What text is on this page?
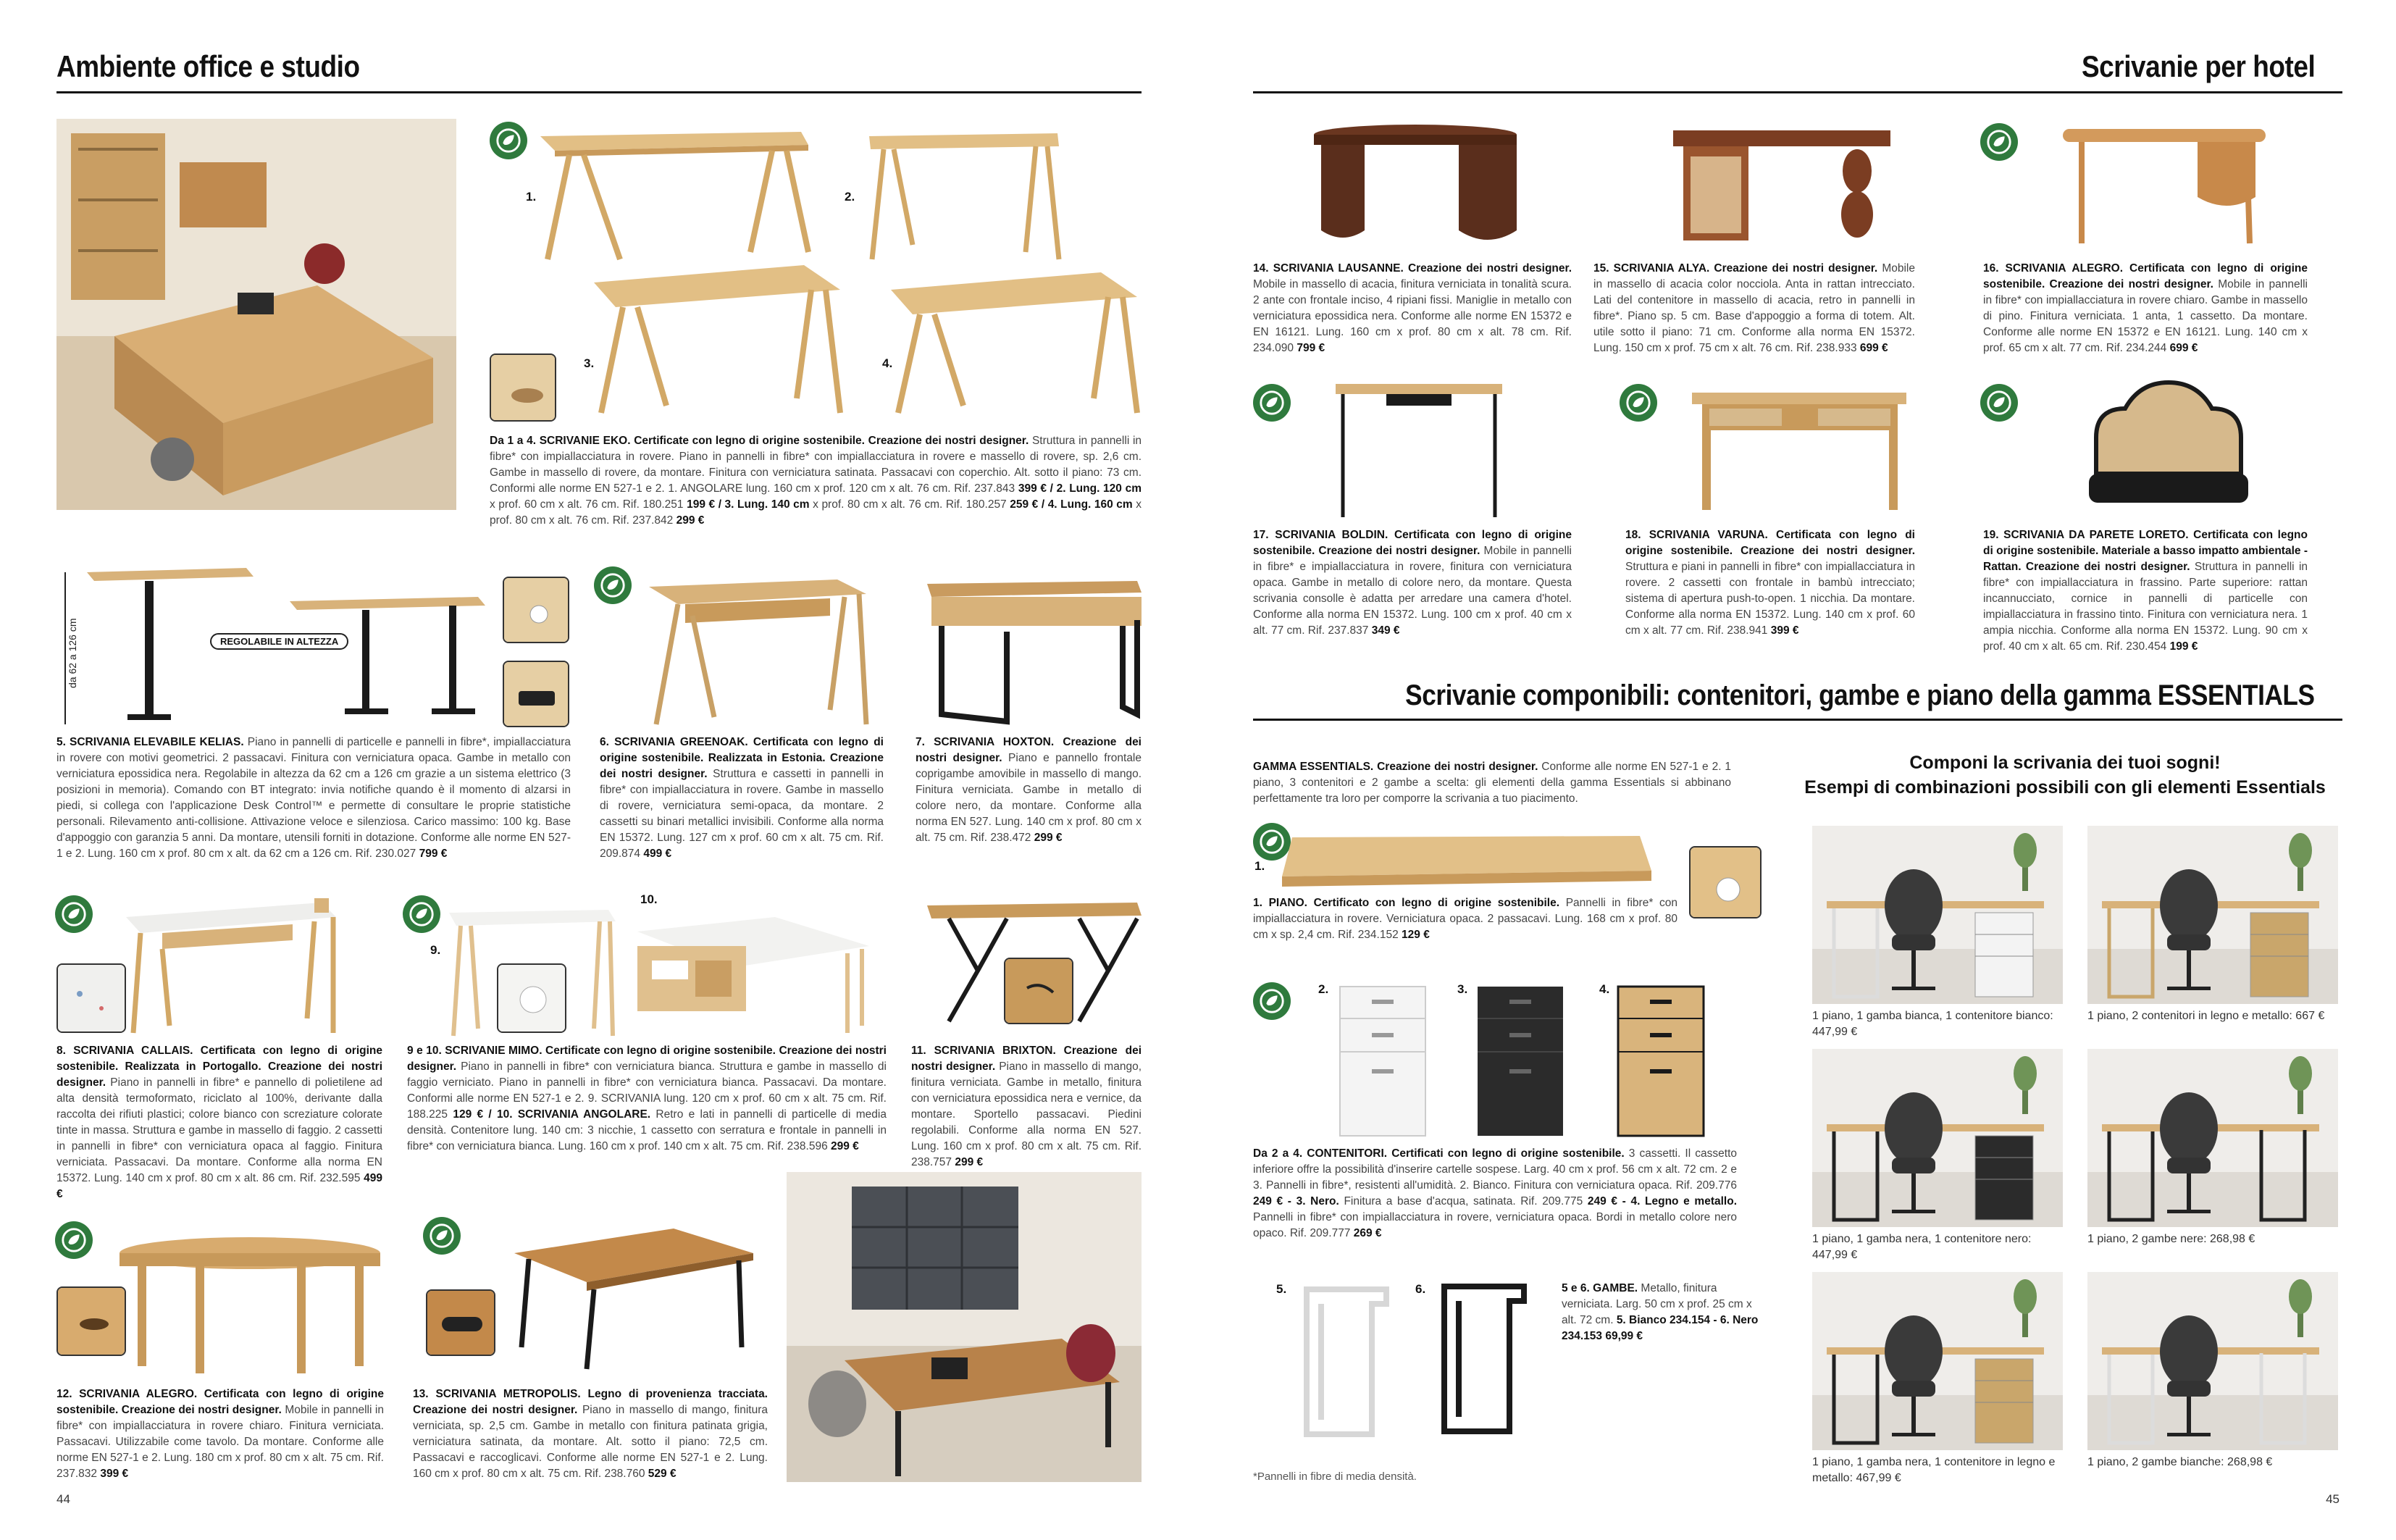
Ambiente office e studio
1.	2.
3.	4.
Da 1 a 4. SCRIVANIE EKO. Certificate con legno di origine sostenibile. Creazione dei nostri designer. Struttura in pannelli in fibre* con impiallacciatura in rovere. Piano in pannelli in fibre* con impiallacciatura in rovere e massello di rovere, sp. 2,6 cm. Gambe in massello di rovere, da montare. Finitura con verniciatura satinata. Passacavi con coperchio. Alt. sotto il piano: 73 cm. Conformi alle norme EN 527-1 e 2. 1. ANGOLARE lung. 160 cm x prof. 120 cm x alt. 76 cm. Rif. 237.843 399 € / 2. Lung. 120 cm x prof. 60 cm x alt. 76 cm. Rif. 180.251 199 € / 3. Lung. 140 cm x prof. 80 cm x alt. 76 cm. Rif. 180.257 259 € / 4. Lung. 160 cm x prof. 80 cm x alt. 76 cm. Rif. 237.842 299 €
da 62 a 126 cm	REGOLABILE IN ALTEZZA
5. SCRIVANIA ELEVABILE KELIAS. Piano in pannelli di particelle e pannelli in fibre*, impiallacciatura in rovere con motivi geometrici. 2 passacavi. Finitura con verniciatura opaca. Gambe in metallo con verniciatura epossidica nera. Regolabile in altezza da 62 cm a 126 cm grazie a un sistema elettrico (3 posizioni in memoria). Comando con BT integrato: invia notifiche quando è il momento di alzarsi in piedi, si collega con l'applicazione Desk Control™ e permette di consultare le proprie statistiche personali. Rilevamento anti-collisione. Attivazione veloce e silenziosa. Carico massimo: 100 kg. Base d'appoggio con garanzia 5 anni. Da montare, utensili forniti in dotazione. Conforme alle norme EN 527-1 e 2. Lung. 160 cm x prof. 80 cm x alt. da 62 cm a 126 cm. Rif. 230.027 799 €
6. SCRIVANIA GREENOAK. Certificata con legno di origine sostenibile. Realizzata in Estonia. Creazione dei nostri designer. Struttura e cassetti in pannelli in fibre* con impiallacciatura in rovere. Gambe in massello di rovere, verniciatura semi-opaca, da montare. 2 cassetti su binari metallici invisibili. Conforme alla norma EN 15372. Lung. 127 cm x prof. 60 cm x alt. 75 cm. Rif. 209.874 499 €
7. SCRIVANIA HOXTON. Creazione dei nostri designer. Piano e pannello frontale coprigambe amovibile in massello di mango. Finitura verniciata. Gambe in metallo di colore nero, da montare. Conforme alla norma EN 527. Lung. 140 cm x prof. 80 cm x alt. 75 cm. Rif. 238.472 299 €
8. SCRIVANIA CALLAIS. Certificata con legno di origine sostenibile. Realizzata in Portogallo. Creazione dei nostri designer. Piano in pannelli in fibre* e pannello di polietilene ad alta densità termoformato, riciclato al 100%, derivante dalla raccolta dei rifiuti plastici; colore bianco con screziature colorate tinte in massa. Struttura e gambe in massello di faggio. 2 cassetti in pannelli in fibre* con verniciatura opaca al faggio. Finitura verniciata. Passacavi. Da montare. Conforme alla norma EN 15372. Lung. 140 cm x prof. 80 cm x alt. 86 cm. Rif. 232.595 499 €
9.
10.
9 e 10. SCRIVANIE MIMO. Certificate con legno di origine sostenibile. Creazione dei nostri designer. Piano in pannelli in fibre* con verniciatura bianca. Struttura e gambe in massello di faggio verniciato. Piano in pannelli in fibre* con verniciatura bianca. Passacavi. Da montare. Conformi alle norme EN 527-1 e 2. 9. SCRIVANIA lung. 120 cm x prof. 60 cm x alt. 75 cm. Rif. 188.225 129 € / 10. SCRIVANIA ANGOLARE. Retro e lati in pannelli di particelle di media densità. Contenitore lung. 140 cm: 3 nicchie, 1 cassetto con serratura e frontale in pannelli in fibre* con verniciatura bianca. Lung. 160 cm x prof. 140 cm x alt. 75 cm. Rif. 238.596 299 €
11. SCRIVANIA BRIXTON. Creazione dei nostri designer. Piano in massello di mango, finitura verniciata. Gambe in metallo, finitura con verniciatura epossidica nera e vernice, da montare. Sportello passacavi. Piedini regolabili. Conforme alla norma EN 527. Lung. 160 cm x prof. 80 cm x alt. 75 cm. Rif. 238.757 299 €
12. SCRIVANIA ALEGRO. Certificata con legno di origine sostenibile. Creazione dei nostri designer. Mobile in pannelli in fibre* con impiallacciatura in rovere chiaro. Finitura verniciata. Passacavi. Utilizzabile come tavolo. Da montare. Conforme alle norme EN 527-1 e 2. Lung. 180 cm x prof. 80 cm x alt. 75 cm. Rif. 237.832 399 €
13. SCRIVANIA METROPOLIS. Legno di provenienza tracciata. Creazione dei nostri designer. Piano in massello di mango, finitura verniciata, sp. 2,5 cm. Gambe in metallo con finitura patinata grigia, verniciatura satinata, da montare. Alt. sotto il piano: 72,5 cm. Passacavi e raccoglicavi. Conforme alle norme EN 527-1 e 2. Lung. 160 cm x prof. 80 cm x alt. 75 cm. Rif. 238.760 529 €
44
Scrivanie per hotel
14. SCRIVANIA LAUSANNE. Creazione dei nostri designer. Mobile in massello di acacia, finitura verniciata in tonalità scura. 2 ante con frontale inciso, 4 ripiani fissi. Maniglie in metallo con verniciatura epossidica nera. Conforme alle norme EN 15372 e EN 16121. Lung. 160 cm x prof. 80 cm x alt. 78 cm. Rif. 234.090 799 €
15. SCRIVANIA ALYA. Creazione dei nostri designer. Mobile in massello di acacia color nocciola. Anta in rattan intrecciato. Lati del contenitore in massello di acacia, retro in pannelli in fibre*. Piano sp. 5 cm. Base d'appoggio a forma di totem. Alt. utile sotto il piano: 71 cm. Conforme alla norma EN 15372. Lung. 150 cm x prof. 75 cm x alt. 76 cm. Rif. 238.933 699 €
16. SCRIVANIA ALEGRO. Certificata con legno di origine sostenibile. Creazione dei nostri designer. Mobile in pannelli in fibre* con impiallacciatura in rovere chiaro. Gambe in massello di pino. Finitura verniciata. 1 anta, 1 cassetto. Da montare. Conforme alle norme EN 15372 e EN 16121. Lung. 140 cm x prof. 65 cm x alt. 77 cm. Rif. 234.244 699 €
17. SCRIVANIA BOLDIN. Certificata con legno di origine sostenibile. Creazione dei nostri designer. Mobile in pannelli in fibre* e impiallacciatura in rovere, finitura con verniciatura opaca. Gambe in metallo di colore nero, da montare. Questa scrivania consolle è adatta per arredare una camera d'hotel. Conforme alla norma EN 15372. Lung. 100 cm x prof. 40 cm x alt. 77 cm. Rif. 237.837 349 €
18. SCRIVANIA VARUNA. Certificata con legno di origine sostenibile. Creazione dei nostri designer. Struttura e piani in pannelli in fibre* con impiallacciatura in rovere. 2 cassetti con frontale in bambù intrecciato; sistema di apertura push-to-open. 1 nicchia. Da montare. Conforme alla norma EN 15372. Lung. 140 cm x prof. 60 cm x alt. 77 cm. Rif. 238.941 399 €
19. SCRIVANIA DA PARETE LORETO. Certificata con legno di origine sostenibile. Materiale a basso impatto ambientale - Rattan. Creazione dei nostri designer. Struttura in pannelli in fibre* con impiallacciatura in frassino. Parte superiore: rattan incannucciato, cornice in pannelli di particelle con impiallacciatura in frassino tinto. Finitura con verniciatura nera. 1 ampia nicchia. Conforme alla norma EN 15372. Lung. 90 cm x prof. 40 cm x alt. 65 cm. Rif. 230.454 199 €
Scrivanie componibili: contenitori, gambe e piano della gamma ESSENTIALS
GAMMA ESSENTIALS. Creazione dei nostri designer. Conforme alle norme EN 527-1 e 2. 1 piano, 3 contenitori e 2 gambe a scelta: gli elementi della gamma Essentials si abbinano perfettamente tra loro per comporre la scrivania a tuo piacimento.
1.
1. PIANO. Certificato con legno di origine sostenibile. Pannelli in fibre* con impiallacciatura in rovere. Verniciatura opaca. 2 passacavi. Lung. 168 cm x prof. 80 cm x sp. 2,4 cm. Rif. 234.152 129 €
2.	3.	4.
Da 2 a 4. CONTENITORI. Certificati con legno di origine sostenibile. 3 cassetti. Il cassetto inferiore offre la possibilità d'inserire cartelle sospese. Larg. 40 cm x prof. 56 cm x alt. 72 cm. 2 e 3. Pannelli in fibre*, resistenti all'umidità. 2. Bianco. Finitura con verniciatura opaca. Rif. 209.776 249 € - 3. Nero. Finitura a base d'acqua, satinata. Rif. 209.775 249 € - 4. Legno e metallo. Pannelli in fibre* con impiallacciatura in rovere, verniciatura opaca. Bordi in metallo colore nero opaco. Rif. 209.777 269 €
5.	6.	5 e 6. GAMBE. Metallo, finitura verniciata. Larg. 50 cm x prof. 25 cm x alt. 72 cm. 5. Bianco 234.154 - 6. Nero 234.153 69,99 €
*Pannelli in fibre di media densità.
Componi la scrivania dei tuoi sogni!
Esempi di combinazioni possibili con gli elementi Essentials
1 piano, 1 gamba bianca, 1 contenitore bianco: 447,99 €
1 piano, 2 contenitori in legno e metallo: 667 €
1 piano, 1 gamba nera, 1 contenitore nero: 447,99 €
1 piano, 2 gambe nere: 268,98 €
1 piano, 1 gamba nera, 1 contenitore in legno e metallo: 467,99 €
1 piano, 2 gambe bianche: 268,98 €
45
